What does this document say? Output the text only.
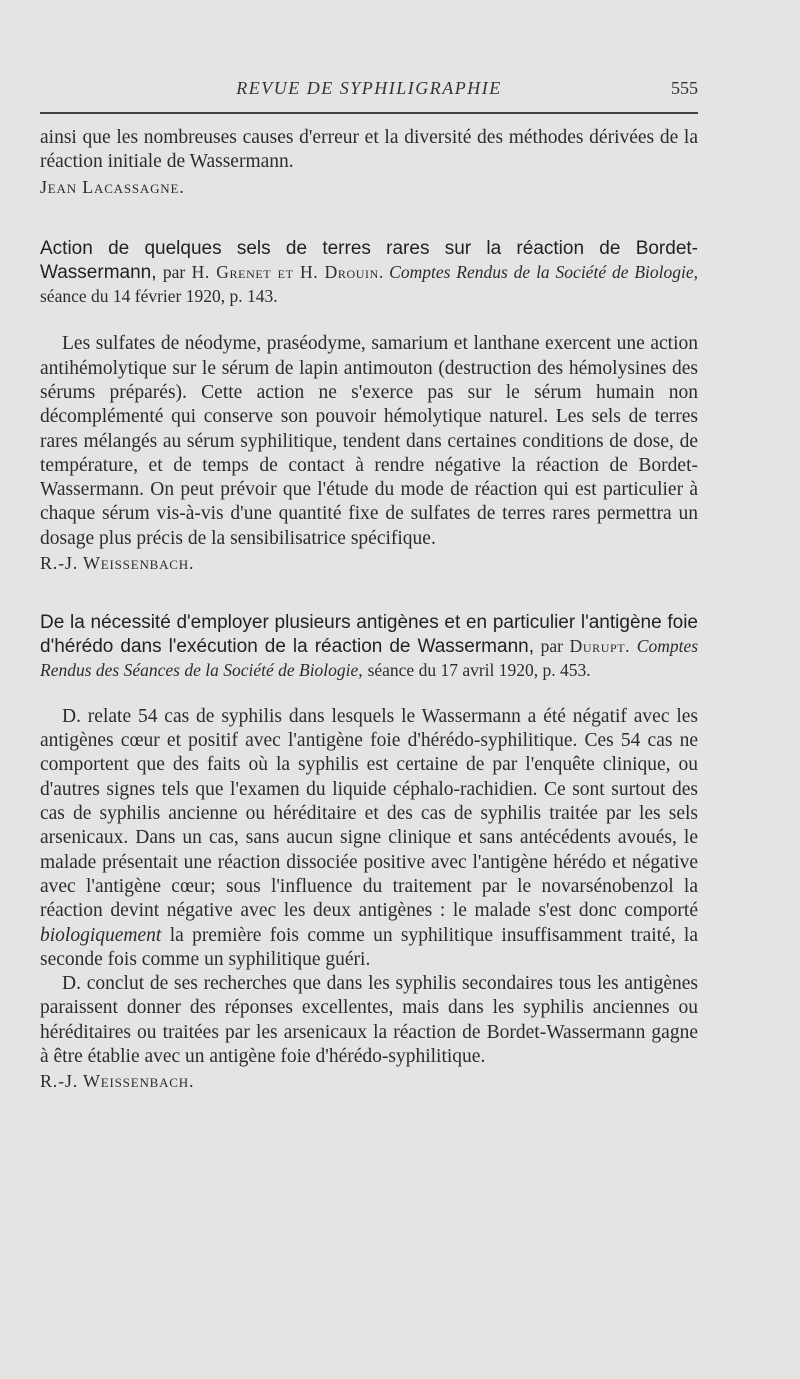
REVUE DE SYPHILIGRAPHIE	555

ainsi que les nombreuses causes d'erreur et la diversité des méthodes dérivées de la réaction initiale de Wassermann.

Jean Lacassagne.

Action de quelques sels de terres rares sur la réaction de Bordet-Wassermann, par H. Grenet et H. Drouin. Comptes Rendus de la Société de Biologie, séance du 14 février 1920, p. 143.

Les sulfates de néodyme, praséodyme, samarium et lanthane exercent une action antihémolytique sur le sérum de lapin antimouton (destruction des hémolysines des sérums préparés). Cette action ne s'exerce pas sur le sérum humain non décomplémenté qui conserve son pouvoir hémolytique naturel. Les sels de terres rares mélangés au sérum syphilitique, tendent dans certaines conditions de dose, de température, et de temps de contact à rendre négative la réaction de Bordet-Wassermann. On peut prévoir que l'étude du mode de réaction qui est particulier à chaque sérum vis-à-vis d'une quantité fixe de sulfates de terres rares permettra un dosage plus précis de la sensibilisatrice spécifique.

R.-J. Weissenbach.

De la nécessité d'employer plusieurs antigènes et en particulier l'antigène foie d'hérédo dans l'exécution de la réaction de Wassermann, par Durupt. Comptes Rendus des Séances de la Société de Biologie, séance du 17 avril 1920, p. 453.

D. relate 54 cas de syphilis dans lesquels le Wassermann a été négatif avec les antigènes cœur et positif avec l'antigène foie d'hérédo-syphilitique. Ces 54 cas ne comportent que des faits où la syphilis est certaine de par l'enquête clinique, ou d'autres signes tels que l'examen du liquide céphalo-rachidien. Ce sont surtout des cas de syphilis ancienne ou héréditaire et des cas de syphilis traitée par les sels arsenicaux. Dans un cas, sans aucun signe clinique et sans antécédents avoués, le malade présentait une réaction dissociée positive avec l'antigène hérédo et négative avec l'antigène cœur; sous l'influence du traitement par le novarsénobenzol la réaction devint négative avec les deux antigènes : le malade s'est donc comporté biologiquement la première fois comme un syphilitique insuffisamment traité, la seconde fois comme un syphilitique guéri.

D. conclut de ses recherches que dans les syphilis secondaires tous les antigènes paraissent donner des réponses excellentes, mais dans les syphilis anciennes ou héréditaires ou traitées par les arsenicaux la réaction de Bordet-Wassermann gagne à être établie avec un antigène foie d'hérédo-syphilitique.

R.-J. Weissenbach.
